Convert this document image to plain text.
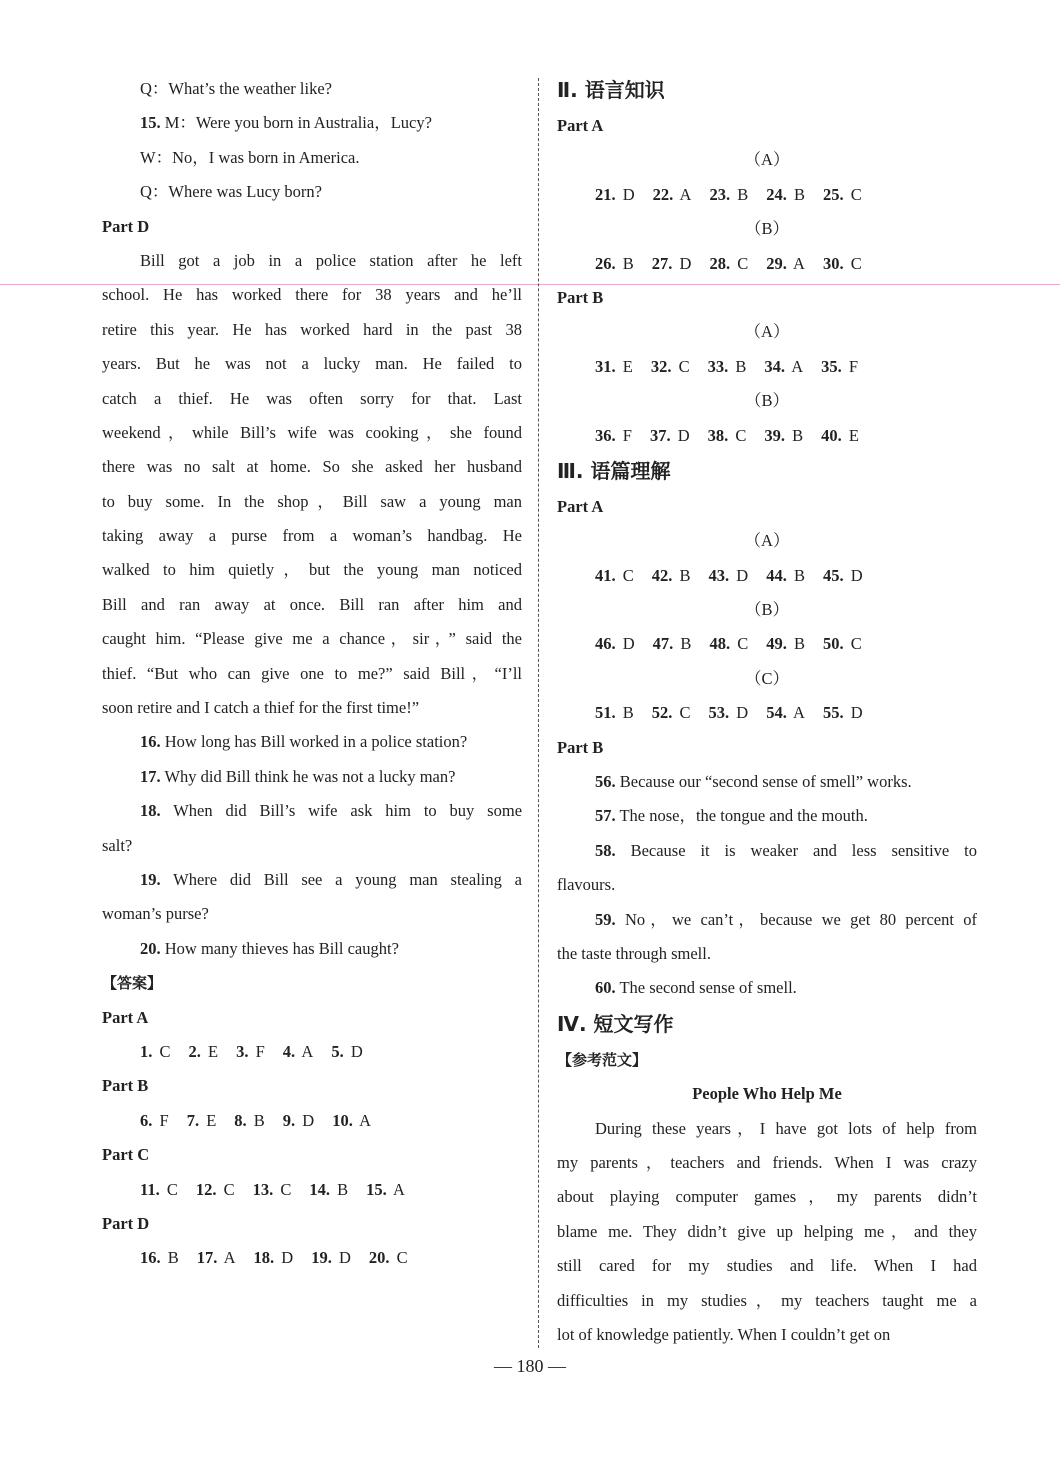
Q：What’s the weather like?
15. M：Were you born in Australia，Lucy?
W：No，I was born in America.
Q：Where was Lucy born?
Part D
Bill got a job in a police station after he left
school. He has worked there for 38 years and he’ll
retire this year. He has worked hard in the past 38
years. But he was not a lucky man. He failed to
catch a thief. He was often sorry for that. Last
weekend，while Bill’s wife was cooking，she found
there was no salt at home. So she asked her husband
to buy some. In the shop，Bill saw a young man
taking away a purse from a woman’s handbag. He
walked to him quietly，but the young man noticed
Bill and ran away at once. Bill ran after him and
caught him. “Please give me a chance，sir，” said the
thief. “But who can give one to me?” said Bill，“I’ll
soon retire and I catch a thief for the first time!”
16. How long has Bill worked in a police station?
17. Why did Bill think he was not a lucky man?
18. When did Bill’s wife ask him to buy some
salt?
19. Where did Bill see a young man stealing a
woman’s purse?
20. How many thieves has Bill caught?
【答案】
Part A
1. C 2. E 3. F 4. A 5. D
Part B
6. F 7. E 8. B 9. D 10. A
Part C
11. C 12. C 13. C 14. B 15. A
Part D
16. B 17. A 18. D 19. D 20. C
Ⅱ. 语言知识
Part A
（A）
21. D 22. A 23. B 24. B 25. C
（B）
26. B 27. D 28. C 29. A 30. C
Part B
（A）
31. E 32. C 33. B 34. A 35. F
（B）
36. F 37. D 38. C 39. B 40. E
Ⅲ. 语篇理解
Part A
（A）
41. C 42. B 43. D 44. B 45. D
（B）
46. D 47. B 48. C 49. B 50. C
（C）
51. B 52. C 53. D 54. A 55. D
Part B
56. Because our “second sense of smell” works.
57. The nose，the tongue and the mouth.
58. Because it is weaker and less sensitive to
flavours.
59. No，we can’t，because we get 80 percent of
the taste through smell.
60. The second sense of smell.
Ⅳ. 短文写作
【参考范文】
People Who Help Me
During these years，I have got lots of help from
my parents，teachers and friends. When I was crazy
about playing computer games，my parents didn’t
blame me. They didn’t give up helping me，and they
still cared for my studies and life. When I had
difficulties in my studies，my teachers taught me a
lot of knowledge patiently. When I couldn’t get on
— 180 —
